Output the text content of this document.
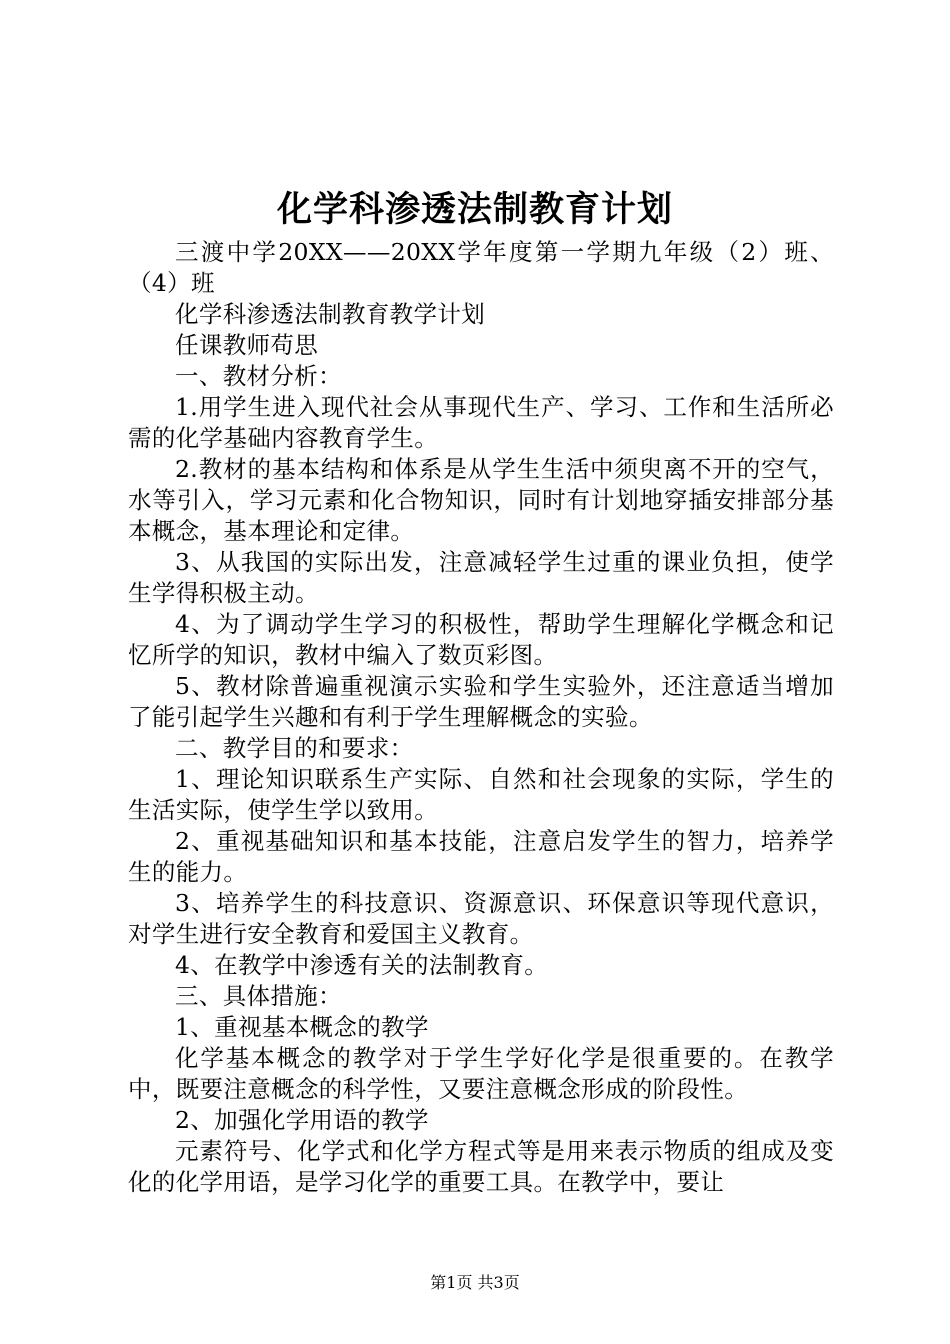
化学科渗透法制教育计划

三渡中学20XX——20XX学年度第一学期九年级（2）班、（4）班

化学科渗透法制教育教学计划

任课教师苟思

一、教材分析：

1.用学生进入现代社会从事现代生产、学习、工作和生活所必需的化学基础内容教育学生。

2.教材的基本结构和体系是从学生生活中须臾离不开的空气，水等引入，学习元素和化合物知识，同时有计划地穿插安排部分基本概念，基本理论和定律。

3、从我国的实际出发，注意减轻学生过重的课业负担，使学生学得积极主动。

4、为了调动学生学习的积极性，帮助学生理解化学概念和记忆所学的知识，教材中编入了数页彩图。

5、教材除普遍重视演示实验和学生实验外，还注意适当增加了能引起学生兴趣和有利于学生理解概念的实验。

二、教学目的和要求：

1、理论知识联系生产实际、自然和社会现象的实际，学生的生活实际，使学生学以致用。

2、重视基础知识和基本技能，注意启发学生的智力，培养学生的能力。

3、培养学生的科技意识、资源意识、环保意识等现代意识，对学生进行安全教育和爱国主义教育。

4、在教学中渗透有关的法制教育。

三、具体措施：

1、重视基本概念的教学

化学基本概念的教学对于学生学好化学是很重要的。在教学中，既要注意概念的科学性，又要注意概念形成的阶段性。

2、加强化学用语的教学

元素符号、化学式和化学方程式等是用来表示物质的组成及变化的化学用语，是学习化学的重要工具。在教学中，要让

第1页 共3页
